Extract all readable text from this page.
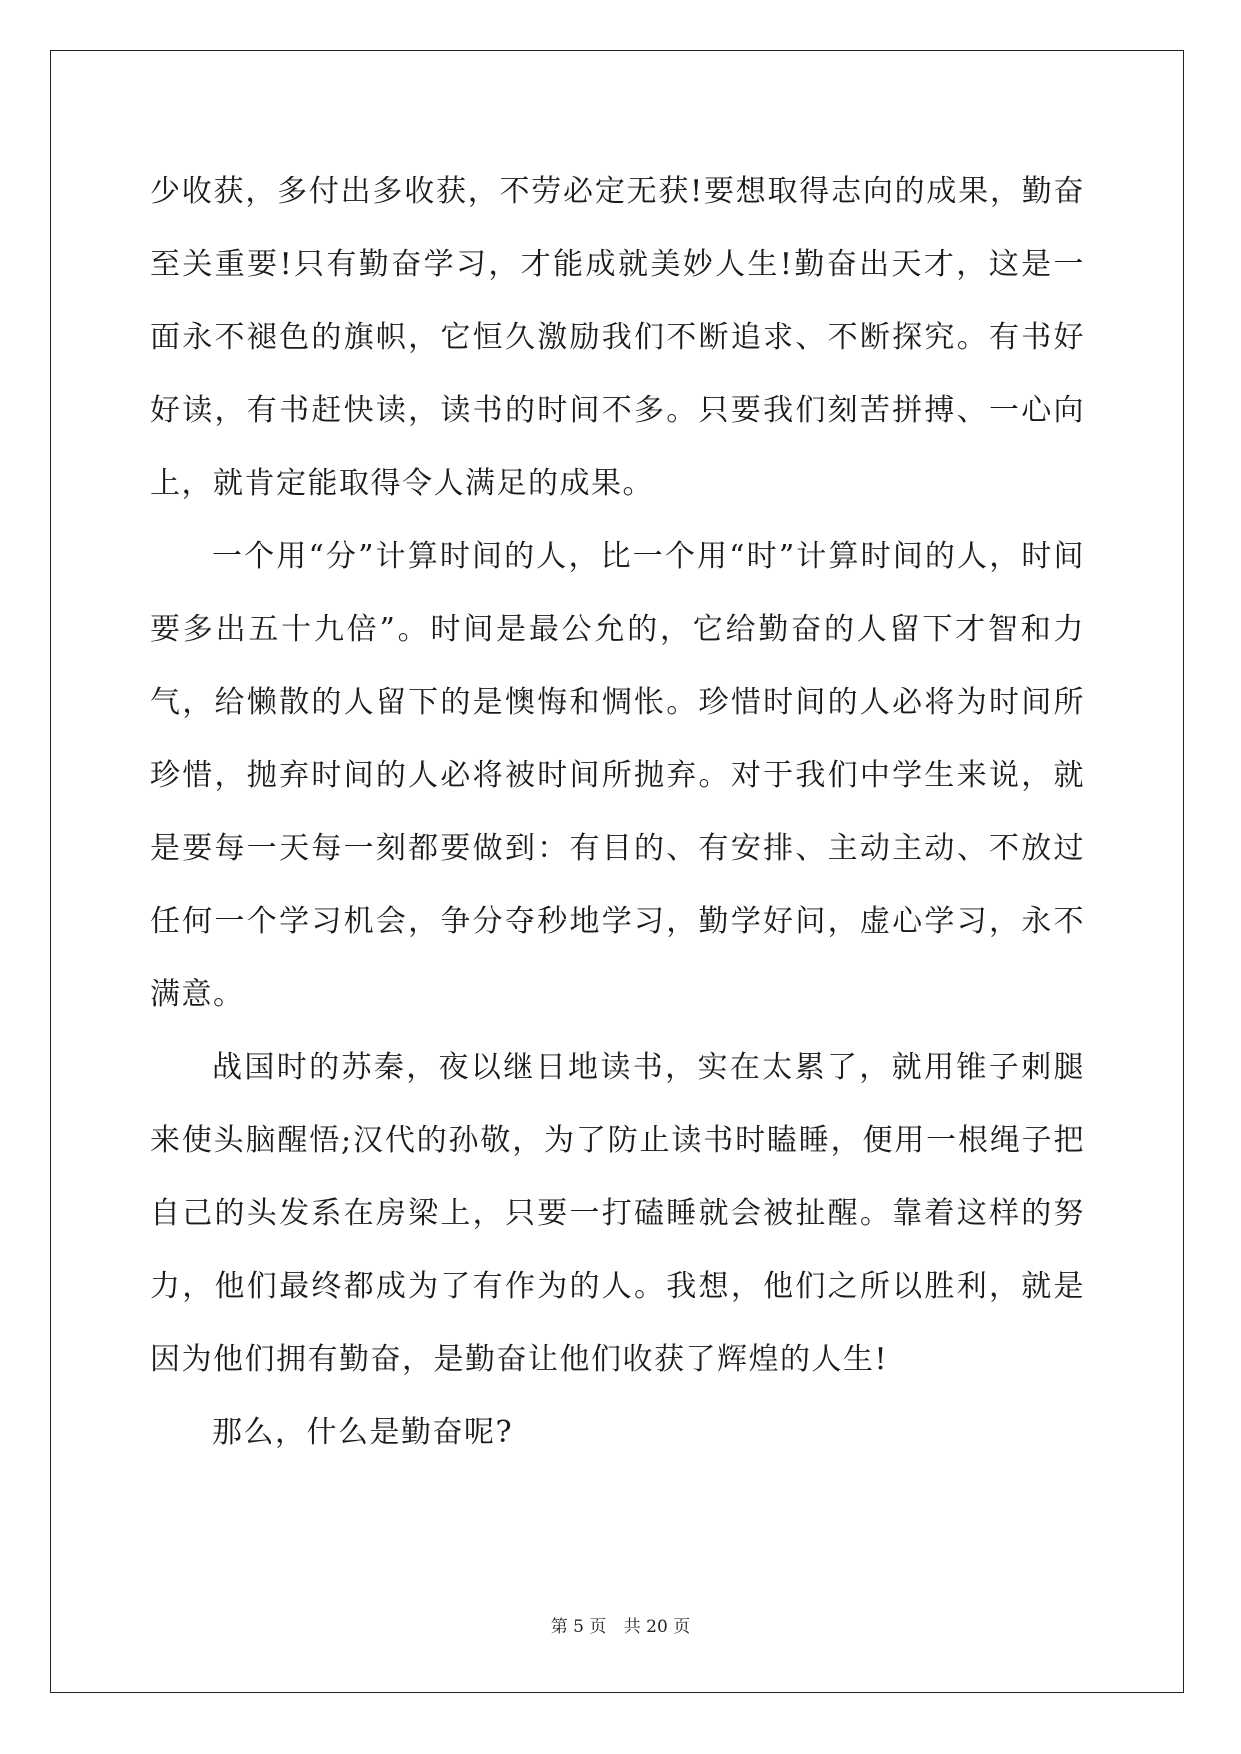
少收获，多付出多收获，不劳必定无获!要想取得志向的成果，勤奋至关重要!只有勤奋学习，才能成就美妙人生!勤奋出天才，这是一面永不褪色的旗帜，它恒久激励我们不断追求、不断探究。有书好好读，有书赶快读，读书的时间不多。只要我们刻苦拼搏、一心向上，就肯定能取得令人满足的成果。

一个用“分”计算时间的人，比一个用“时”计算时间的人，时间要多出五十九倍”。时间是最公允的，它给勤奋的人留下才智和力气，给懒散的人留下的是懊悔和惆怅。珍惜时间的人必将为时间所珍惜，抛弃时间的人必将被时间所抛弃。对于我们中学生来说，就是要每一天每一刻都要做到：有目的、有安排、主动主动、不放过任何一个学习机会，争分夺秒地学习，勤学好问，虚心学习，永不满意。

战国时的苏秦，夜以继日地读书，实在太累了，就用锥子刺腿来使头脑醒悟;汉代的孙敬，为了防止读书时瞌睡，便用一根绳子把自己的头发系在房梁上，只要一打磕睡就会被扯醒。靠着这样的努力，他们最终都成为了有作为的人。我想，他们之所以胜利，就是因为他们拥有勤奋，是勤奋让他们收获了辉煌的人生!

那么，什么是勤奋呢?

第 5 页 共 20 页
